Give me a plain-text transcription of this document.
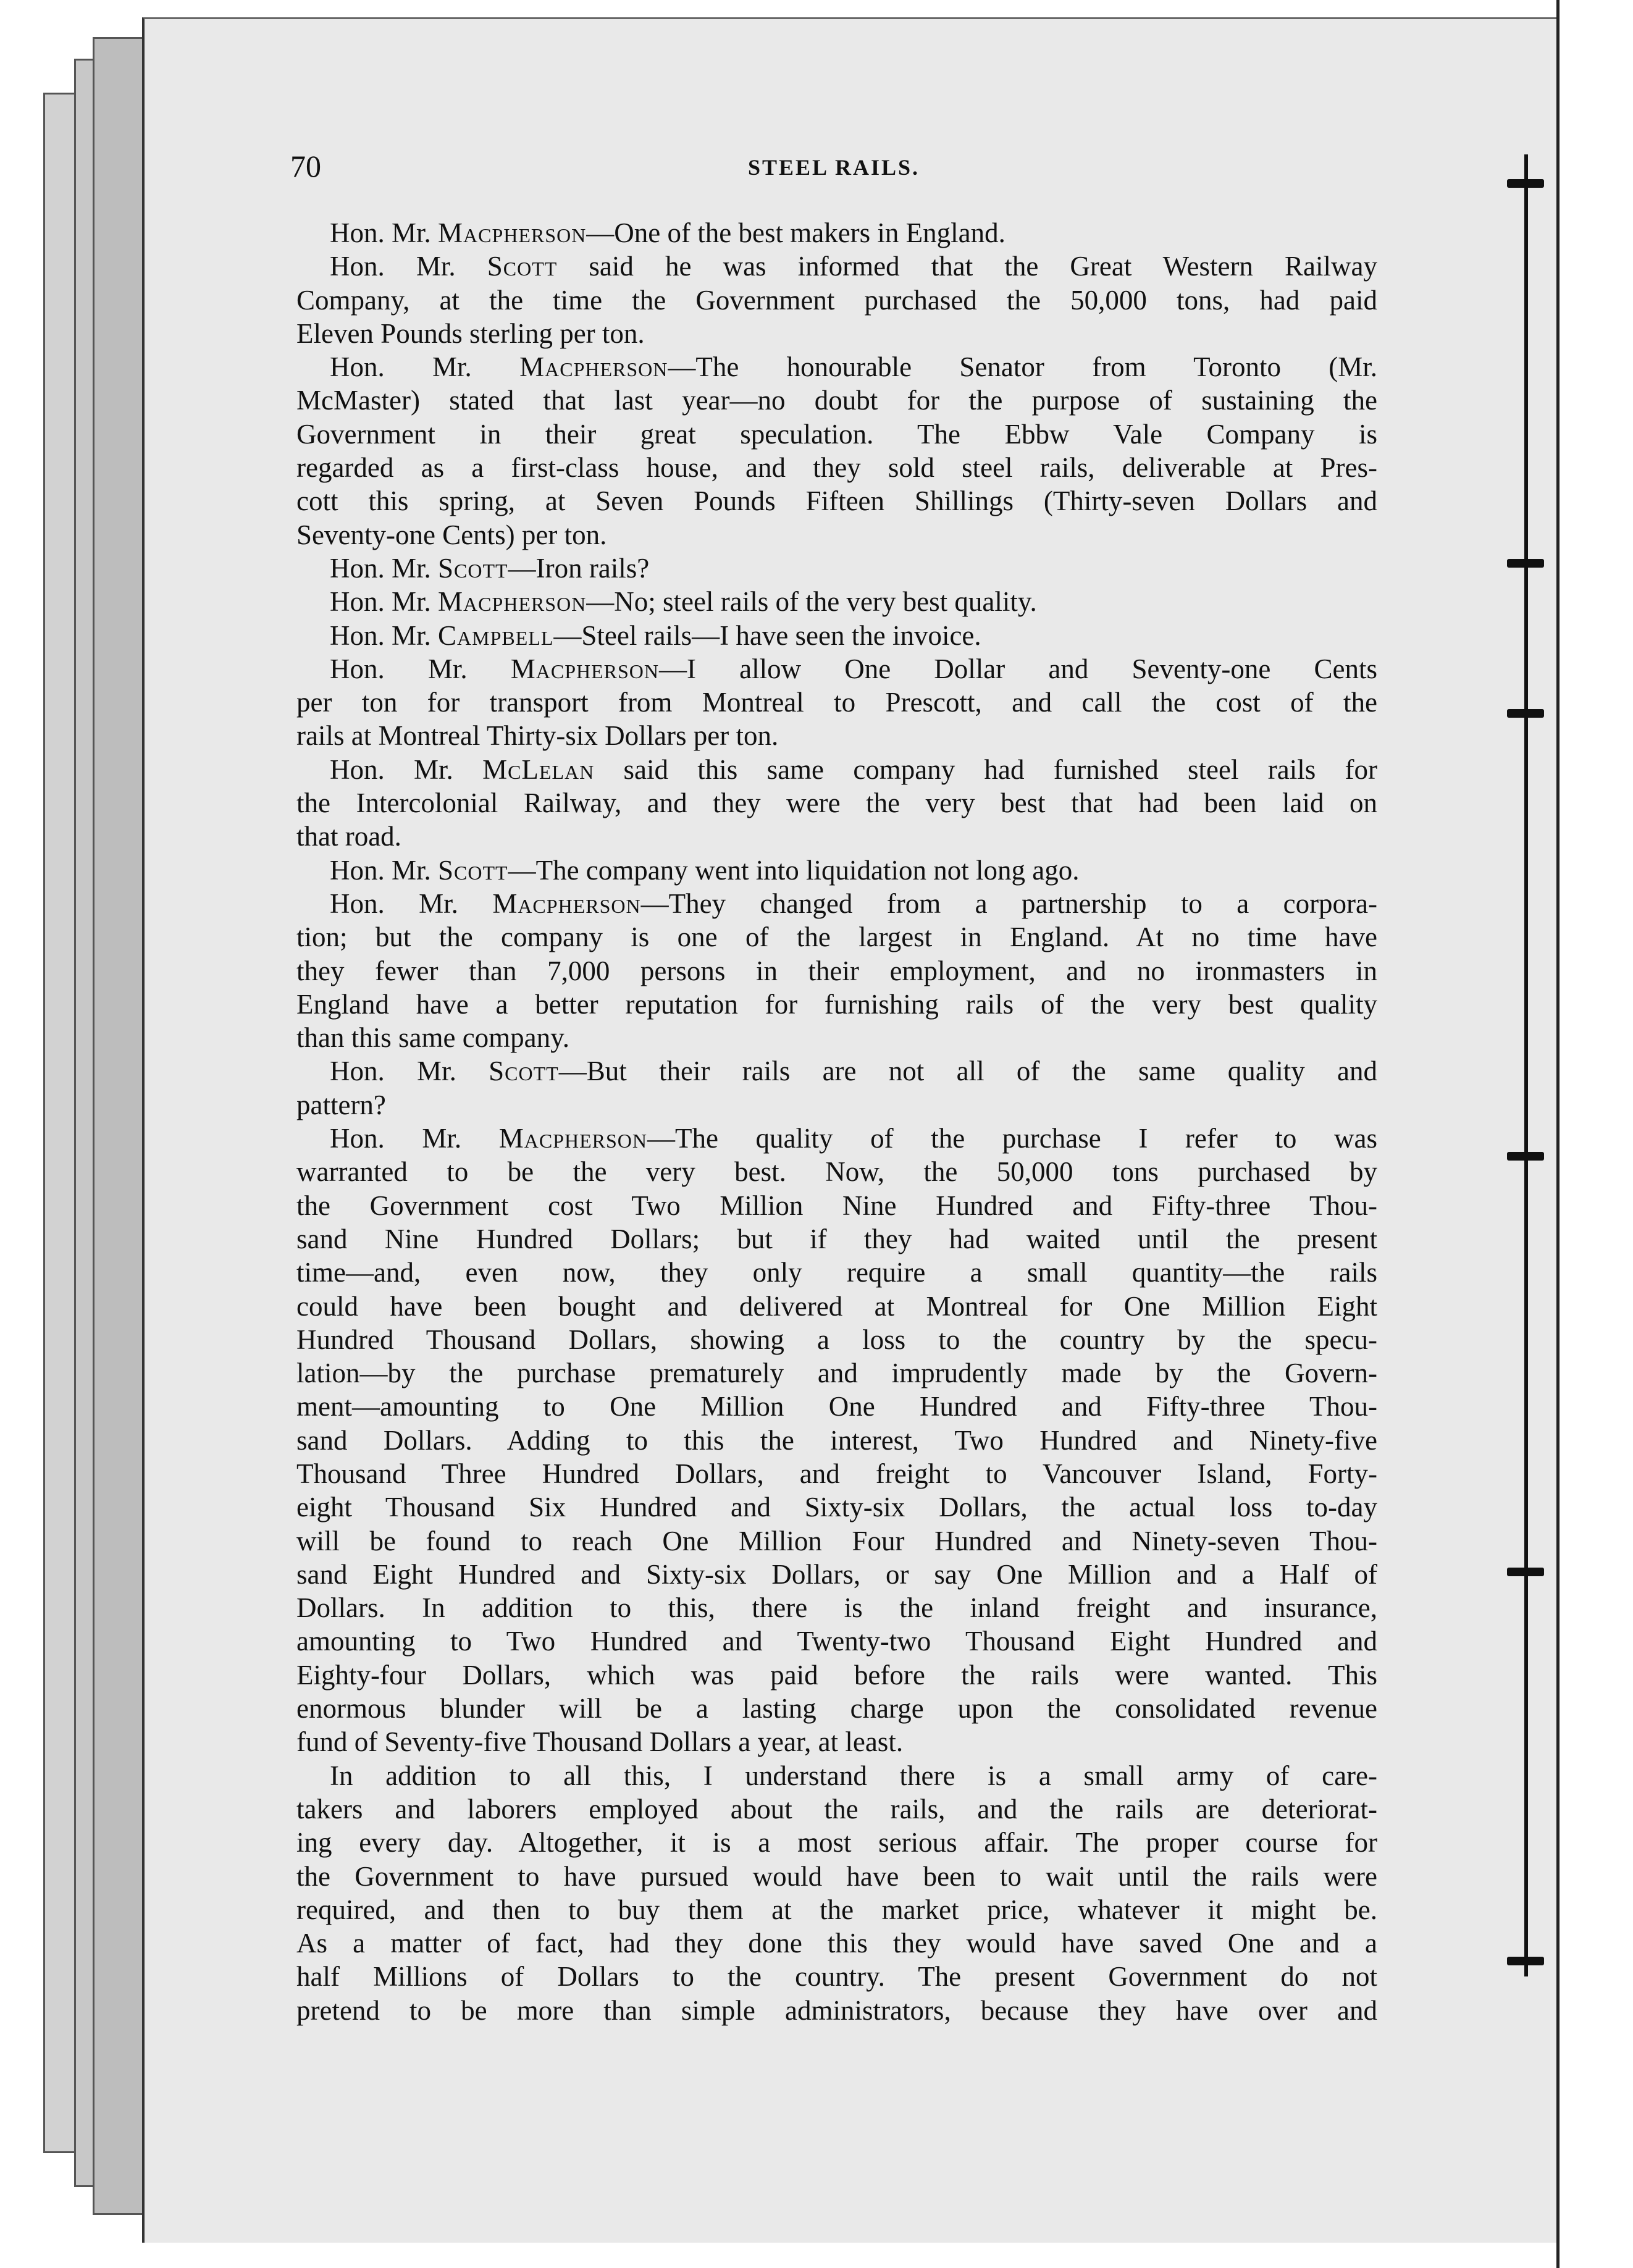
70	STEEL RAILS.
Hon. Mr. Macpherson—One of the best makers in England.
Hon. Mr. Scott said he was informed that the Great Western Railway
Company, at the time the Government purchased the 50,000 tons, had paid
Eleven Pounds sterling per ton.
Hon. Mr. Macpherson—The honourable Senator from Toronto (Mr.
McMaster) stated that last year—no doubt for the purpose of sustaining the
Government in their great speculation. The Ebbw Vale Company is
regarded as a first-class house, and they sold steel rails, deliverable at Pres-
cott this spring, at Seven Pounds Fifteen Shillings (Thirty-seven Dollars and
Seventy-one Cents) per ton.
Hon. Mr. Scott—Iron rails?
Hon. Mr. Macpherson—No; steel rails of the very best quality.
Hon. Mr. Campbell—Steel rails—I have seen the invoice.
Hon. Mr. Macpherson—I allow One Dollar and Seventy-one Cents
per ton for transport from Montreal to Prescott, and call the cost of the
rails at Montreal Thirty-six Dollars per ton.
Hon. Mr. McLelan said this same company had furnished steel rails for
the Intercolonial Railway, and they were the very best that had been laid on
that road.
Hon. Mr. Scott—The company went into liquidation not long ago.
Hon. Mr. Macpherson—They changed from a partnership to a corpora-
tion; but the company is one of the largest in England. At no time have
they fewer than 7,000 persons in their employment, and no ironmasters in
England have a better reputation for furnishing rails of the very best quality
than this same company.
Hon. Mr. Scott—But their rails are not all of the same quality and
pattern?
Hon. Mr. Macpherson—The quality of the purchase I refer to was
warranted to be the very best. Now, the 50,000 tons purchased by
the Government cost Two Million Nine Hundred and Fifty-three Thou-
sand Nine Hundred Dollars; but if they had waited until the present
time—and, even now, they only require a small quantity—the rails
could have been bought and delivered at Montreal for One Million Eight
Hundred Thousand Dollars, showing a loss to the country by the specu-
lation—by the purchase prematurely and imprudently made by the Govern-
ment—amounting to One Million One Hundred and Fifty-three Thou-
sand Dollars. Adding to this the interest, Two Hundred and Ninety-five
Thousand Three Hundred Dollars, and freight to Vancouver Island, Forty-
eight Thousand Six Hundred and Sixty-six Dollars, the actual loss to-day
will be found to reach One Million Four Hundred and Ninety-seven Thou-
sand Eight Hundred and Sixty-six Dollars, or say One Million and a Half of
Dollars. In addition to this, there is the inland freight and insurance,
amounting to Two Hundred and Twenty-two Thousand Eight Hundred and
Eighty-four Dollars, which was paid before the rails were wanted. This
enormous blunder will be a lasting charge upon the consolidated revenue
fund of Seventy-five Thousand Dollars a year, at least.
In addition to all this, I understand there is a small army of care-
takers and laborers employed about the rails, and the rails are deteriorat-
ing every day. Altogether, it is a most serious affair. The proper course for
the Government to have pursued would have been to wait until the rails were
required, and then to buy them at the market price, whatever it might be.
As a matter of fact, had they done this they would have saved One and a
half Millions of Dollars to the country. The present Government do not
pretend to be more than simple administrators, because they have over and
